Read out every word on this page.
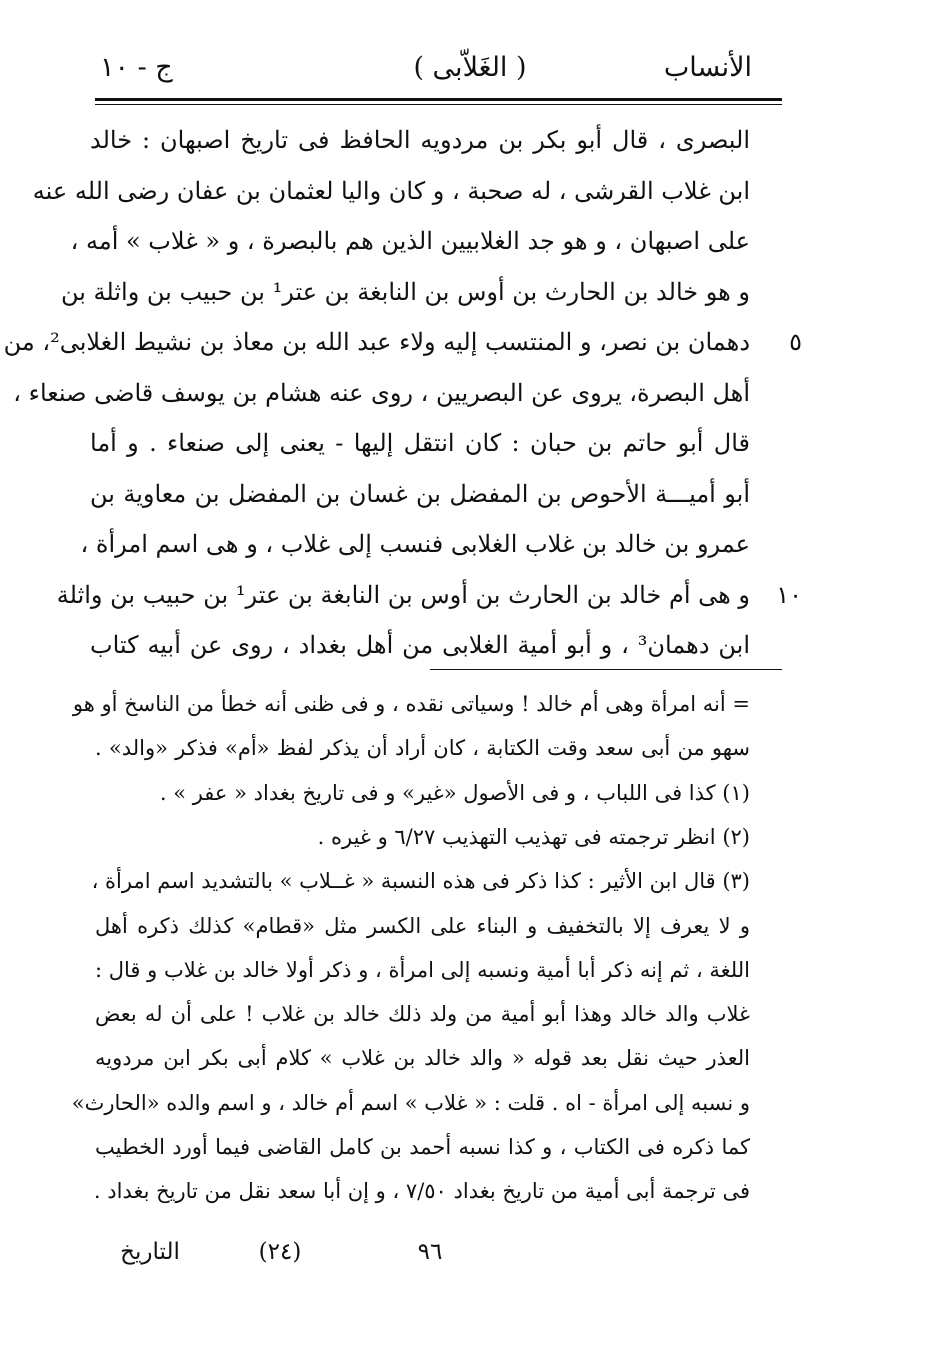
الأنساب
( الغَلاّبى )
ج - ١٠
البصرى ، قال أبو بكر بن مردويه الحافظ فى تاريخ اصبهان : خالد
ابن غلاب القرشى ، له صحبة ، و كان واليا لعثمان بن عفان رضى الله عنه
على اصبهان ، و هو جد الغلابيين الذين هم بالبصرة ، و « غلاب » أمه ،
و هو خالد بن الحارث بن أوس بن النابغة بن عتر¹ بن حبيب بن واثلة بن
دهمان بن نصر، و المنتسب إليه ولاء عبد الله بن معاذ بن نشيط الغلابى²، من	٥
أهل البصرة، يروى عن البصريين ، روى عنه هشام بن يوسف قاضى صنعاء ،
قال أبو حاتم بن حبان : كان انتقل إليها - يعنى إلى صنعاء . و أما
أبو أميـــة الأحوص بن المفضل بن غسان بن المفضل بن معاوية بن
عمرو بن خالد بن غلاب الغلابى فنسب إلى غلاب ، و هى اسم امرأة ،
و هى أم خالد بن الحارث بن أوس بن النابغة بن عتر¹ بن حبيب بن واثلة	١٠
ابن دهمان³ ، و أبو أمية الغلابى من أهل بغداد ، روى عن أبيه كتاب
= أنه امرأة وهى أم خالد ! وسياتى نقده ، و فى ظنى أنه خطأ من الناسخ أو هو
سهو من أبى سعد وقت الكتابة ، كان أراد أن يذكر لفظ «أم» فذكر «والد» .
(١) كذا فى اللباب ، و فى الأصول «غير» و فى تاريخ بغداد « عفر » .
(٢) انظر ترجمته فى تهذيب التهذيب ٦/٢٧ و غيره .
(٣) قال ابن الأثير : كذا ذكر فى هذه النسبة « غــلاب » بالتشديد اسم امرأة ،
و لا يعرف إلا بالتخفيف و البناء على الكسر مثل «قطام» كذلك ذكره أهل
اللغة ، ثم إنه ذكر أبا أمية ونسبه إلى امرأة ، و ذكر أولا خالد بن غلاب و قال :
غلاب والد خالد وهذا أبو أمية من ولد ذلك خالد بن غلاب ! على أن له بعض
العذر حيث نقل بعد قوله « والد خالد بن غلاب » كلام أبى بكر ابن مردويه
و نسبه إلى امرأة - اه . قلت : « غلاب » اسم أم خالد ، و اسم والده «الحارث»
كما ذكره فى الكتاب ، و كذا نسبه أحمد بن كامل القاضى فيما أورد الخطيب
فى ترجمة أبى أمية من تاريخ بغداد ٧/٥٠ ، و إن أبا سعد نقل من تاريخ بغداد .
٩٦
(٢٤)
التاريخ
